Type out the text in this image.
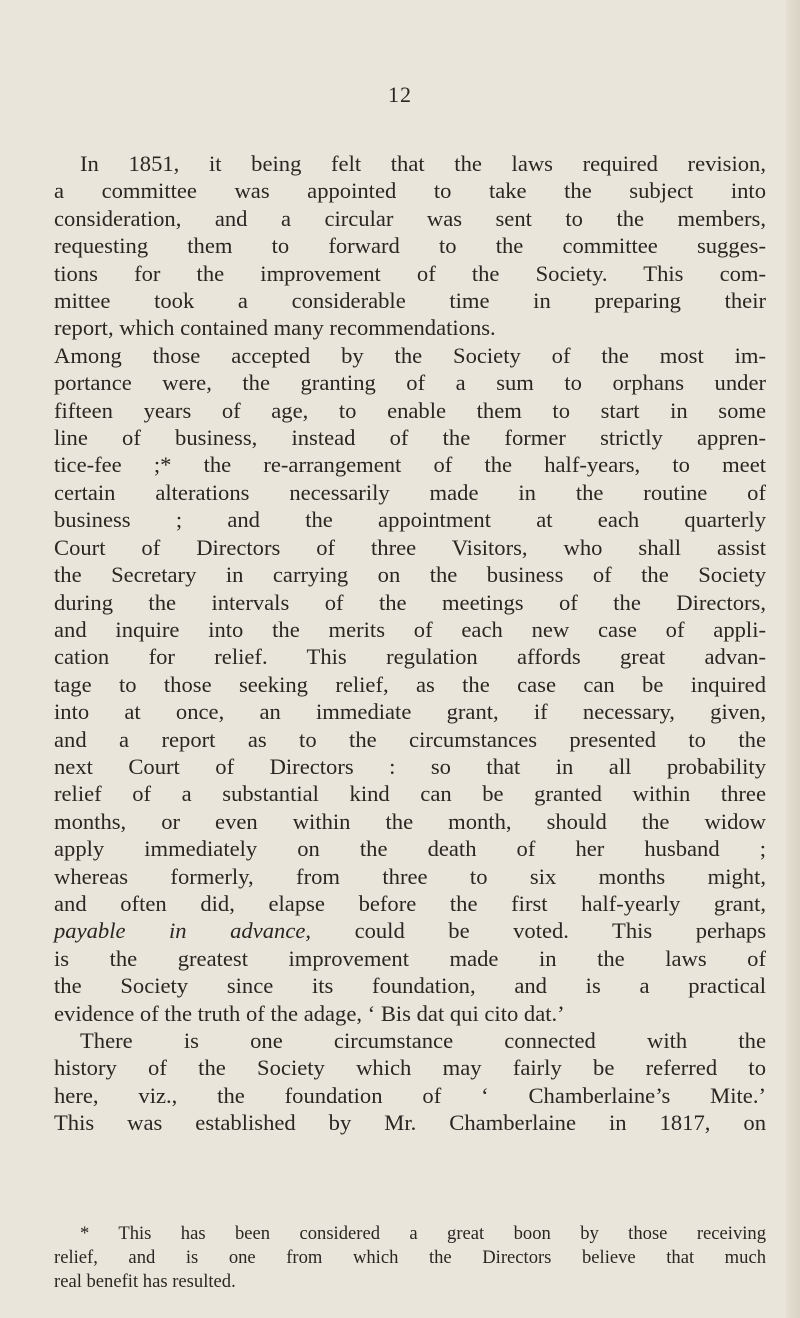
12
In 1851, it being felt that the laws required revision,
a committee was appointed to take the subject into
consideration, and a circular was sent to the members,
requesting them to forward to the committee sugges-
tions for the improvement of the Society. This com-
mittee took a considerable time in preparing their
report, which contained many recommendations.
Among those accepted by the Society of the most im-
portance were, the granting of a sum to orphans under
fifteen years of age, to enable them to start in some
line of business, instead of the former strictly appren-
tice-fee ;* the re-arrangement of the half-years, to meet
certain alterations necessarily made in the routine of
business ; and the appointment at each quarterly
Court of Directors of three Visitors, who shall assist
the Secretary in carrying on the business of the Society
during the intervals of the meetings of the Directors,
and inquire into the merits of each new case of appli-
cation for relief. This regulation affords great advan-
tage to those seeking relief, as the case can be inquired
into at once, an immediate grant, if necessary, given,
and a report as to the circumstances presented to the
next Court of Directors : so that in all probability
relief of a substantial kind can be granted within three
months, or even within the month, should the widow
apply immediately on the death of her husband ;
whereas formerly, from three to six months might,
and often did, elapse before the first half-yearly grant,
payable in advance, could be voted. This perhaps
is the greatest improvement made in the laws of
the Society since its foundation, and is a practical
evidence of the truth of the adage, ‘ Bis dat qui cito dat.’
There is one circumstance connected with the
history of the Society which may fairly be referred to
here, viz., the foundation of ‘ Chamberlaine’s Mite.’
This was established by Mr. Chamberlaine in 1817, on
* This has been considered a great boon by those receiving
relief, and is one from which the Directors believe that much
real benefit has resulted.
